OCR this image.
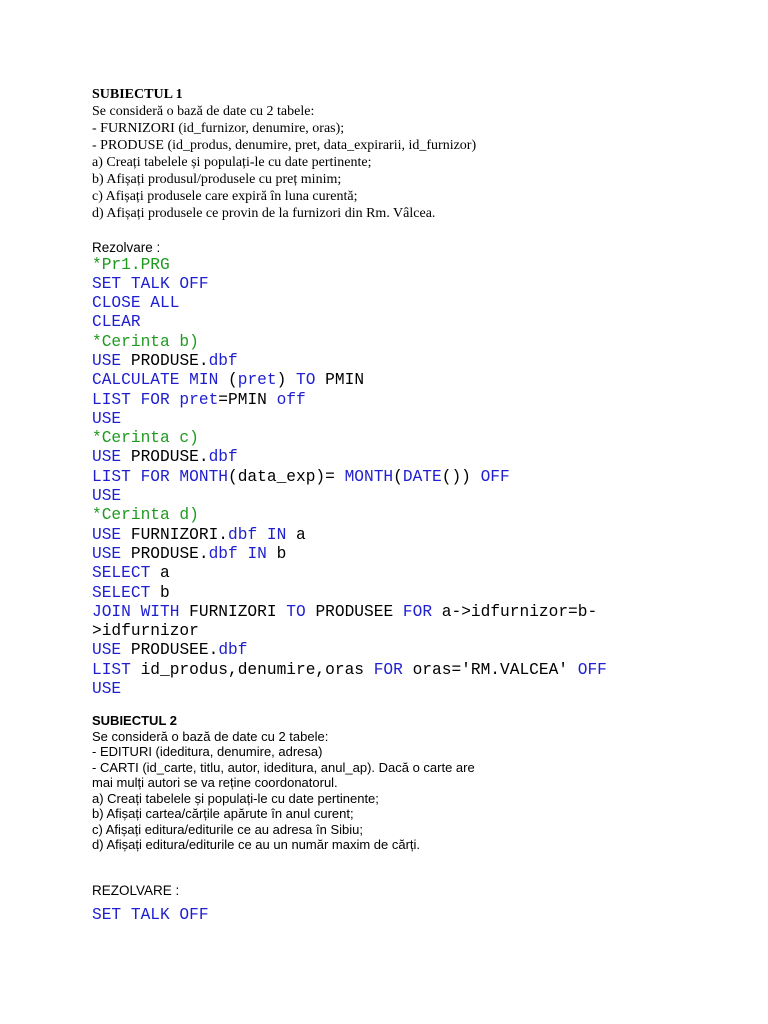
SUBIECTUL 1
Se consideră o bază de date cu 2 tabele:
- FURNIZORI (id_furnizor, denumire, oras);
- PRODUSE (id_produs, denumire, pret, data_expirarii, id_furnizor)
a) Creați tabelele și populați-le cu date pertinente;
b) Afișați produsul/produsele cu preț minim;
c) Afișați produsele care expiră în luna curentă;
d) Afișați produsele ce provin de la furnizori din Rm. Vâlcea.
Rezolvare :
*Pr1.PRG
SET TALK OFF
CLOSE ALL
CLEAR
*Cerinta b)
USE PRODUSE.dbf
CALCULATE MIN (pret) TO PMIN
LIST FOR pret=PMIN off
USE
*Cerinta c)
USE PRODUSE.dbf
LIST FOR MONTH(data_exp)= MONTH(DATE()) OFF
USE
*Cerinta d)
USE FURNIZORI.dbf IN a
USE PRODUSE.dbf IN b
SELECT a
SELECT b
JOIN WITH FURNIZORI TO PRODUSEE FOR a->idfurnizor=b-
>idfurnizor
USE PRODUSEE.dbf
LIST id_produs,denumire,oras FOR oras='RM.VALCEA' OFF
USE
SUBIECTUL 2
Se consideră o bază de date cu 2 tabele:
- EDITURI (ideditura, denumire, adresa)
- CARTI (id_carte, titlu, autor, ideditura, anul_ap). Dacă o carte are
mai mulți autori se va reține coordonatorul.
a) Creați tabelele și populați-le cu date pertinente;
b) Afișați cartea/cărțile apărute în anul curent;
c) Afișați editura/editurile ce au adresa în Sibiu;
d) Afișați editura/editurile ce au un număr maxim de cărți.
REZOLVARE :
SET TALK OFF
